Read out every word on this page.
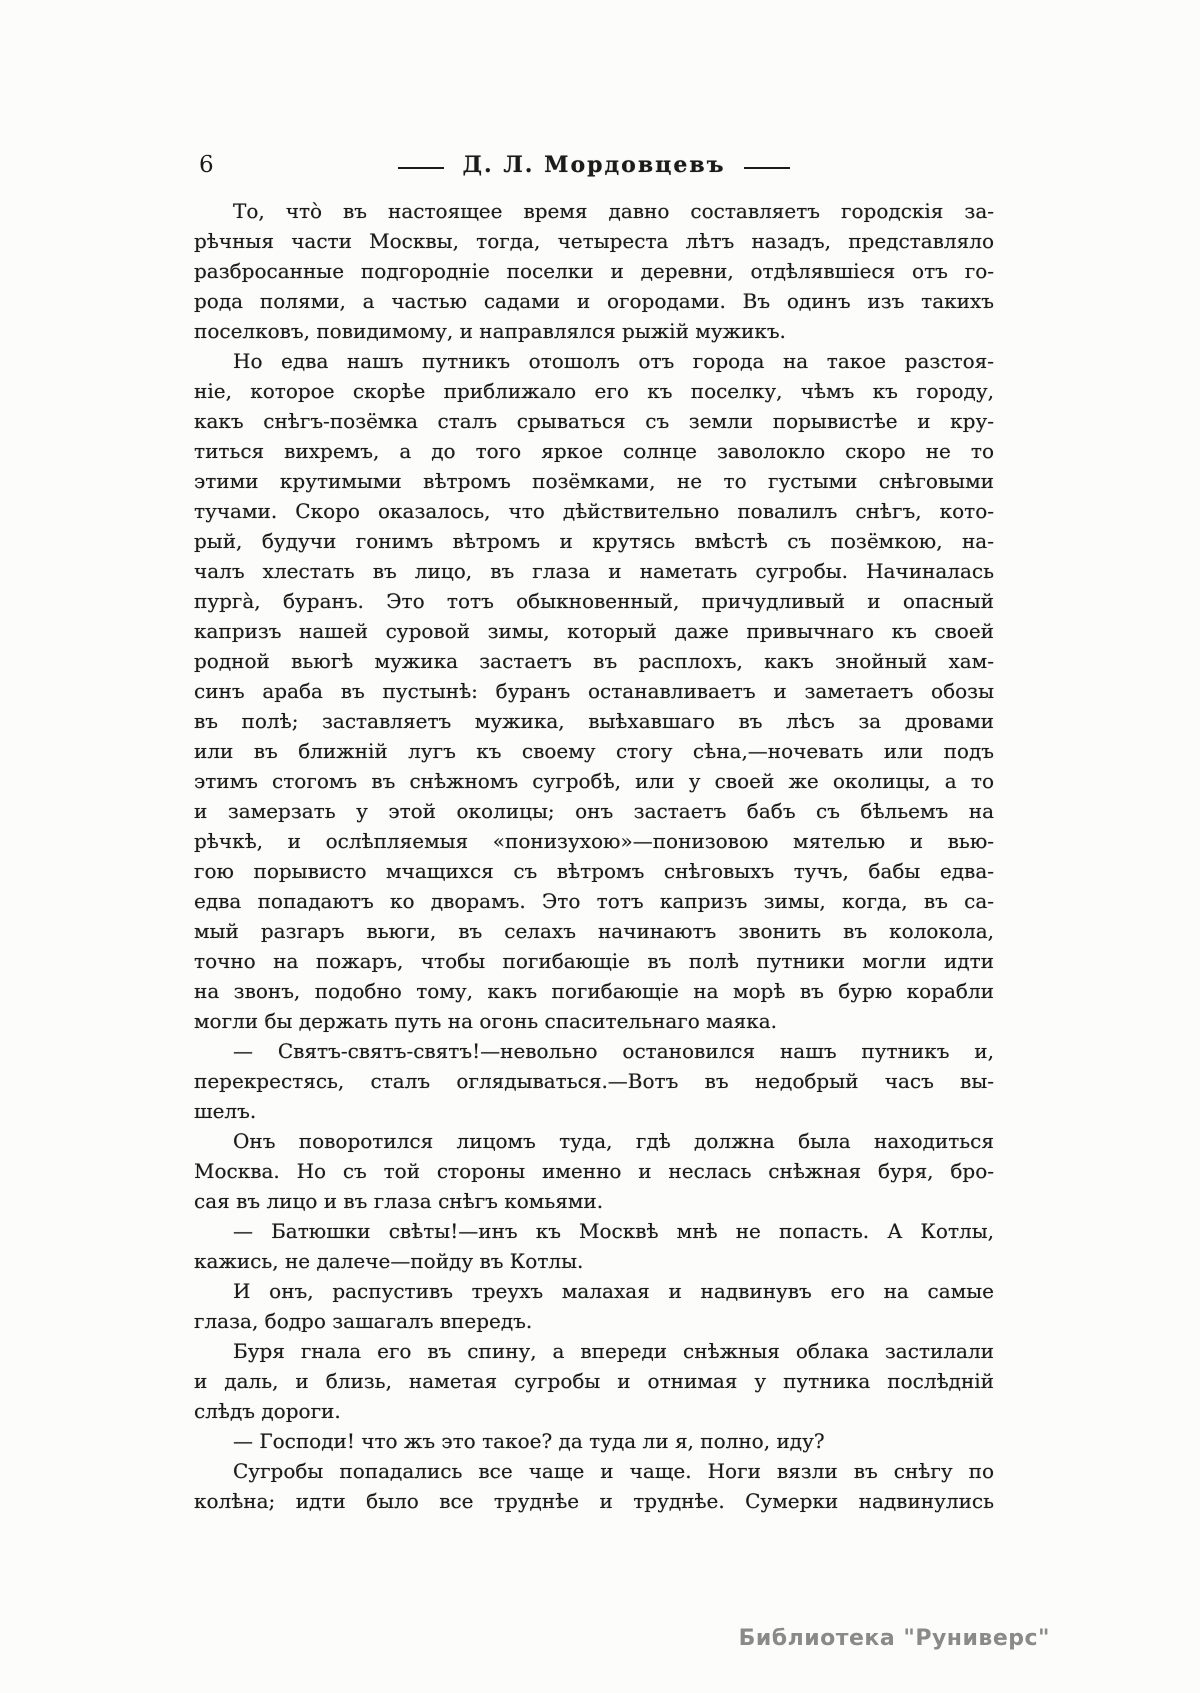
6	Д. Л. Мордовцевъ

То, чтò въ настоящее время давно составляетъ городскія за-
рѣчныя части Москвы, тогда, четыреста лѣтъ назадъ, представляло
разбросанные подгородніе поселки и деревни, отдѣлявшіеся отъ го-
рода полями, а частью садами и огородами. Въ одинъ изъ такихъ
поселковъ, повидимому, и направлялся рыжій мужикъ.

Но едва нашъ путникъ отошолъ отъ города на такое разстоя-
ніе, которое скорѣе приближало его къ поселку, чѣмъ къ городу,
какъ снѣгъ-позёмка сталъ срываться съ земли порывистѣе и кру-
титься вихремъ, а до того яркое солнце заволокло скоро не то
этими крутимыми вѣтромъ позёмками, не то густыми снѣговыми
тучами. Скоро оказалось, что дѣйствительно повалилъ снѣгъ, кото-
рый, будучи гонимъ вѣтромъ и крутясь вмѣстѣ съ позёмкою, на-
чалъ хлестать въ лицо, въ глаза и наметать сугробы. Начиналась
пургà, буранъ. Это тотъ обыкновенный, причудливый и опасный
капризъ нашей суровой зимы, который даже привычнаго къ своей
родной вьюгѣ мужика застаетъ въ расплохъ, какъ знойный хам-
синъ араба въ пустынѣ: буранъ останавливаетъ и заметаетъ обозы
въ полѣ; заставляетъ мужика, выѣхавшаго въ лѣсъ за дровами
или въ ближній лугъ къ своему стогу сѣна,—ночевать или подъ
этимъ стогомъ въ снѣжномъ сугробѣ, или у своей же околицы, а то
и замерзать у этой околицы; онъ застаетъ бабъ съ бѣльемъ на
рѣчкѣ, и ослѣпляемыя «понизухою»—понизовою мятелью и вью-
гою порывисто мчащихся съ вѣтромъ снѣговыхъ тучъ, бабы едва-
едва попадаютъ ко дворамъ. Это тотъ капризъ зимы, когда, въ са-
мый разгаръ вьюги, въ селахъ начинаютъ звонить въ колокола,
точно на пожаръ, чтобы погибающіе въ полѣ путники могли идти
на звонъ, подобно тому, какъ погибающіе на морѣ въ бурю корабли
могли бы держать путь на огонь спасительнаго маяка.

— Святъ-святъ-святъ!—невольно остановился нашъ путникъ и,
перекрестясь, сталъ оглядываться.—Вотъ въ недобрый часъ вы-
шелъ.

Онъ поворотился лицомъ туда, гдѣ должна была находиться
Москва. Но съ той стороны именно и неслась снѣжная буря, бро-
сая въ лицо и въ глаза снѣгъ комьями.

— Батюшки свѣты!—инъ къ Москвѣ мнѣ не попасть. А Котлы,
кажись, не далече—пойду въ Котлы.

И онъ, распустивъ треухъ малахая и надвинувъ его на самые
глаза, бодро зашагалъ впередъ.

Буря гнала его въ спину, а впереди снѣжныя облака застилали
и даль, и близь, наметая сугробы и отнимая у путника послѣдній
слѣдъ дороги.

— Господи! что жъ это такое? да туда ли я, полно, иду?

Сугробы попадались все чаще и чаще. Ноги вязли въ снѣгу по
колѣна; идти было все труднѣе и труднѣе. Сумерки надвинулись

Библиотека "Руниверс"
